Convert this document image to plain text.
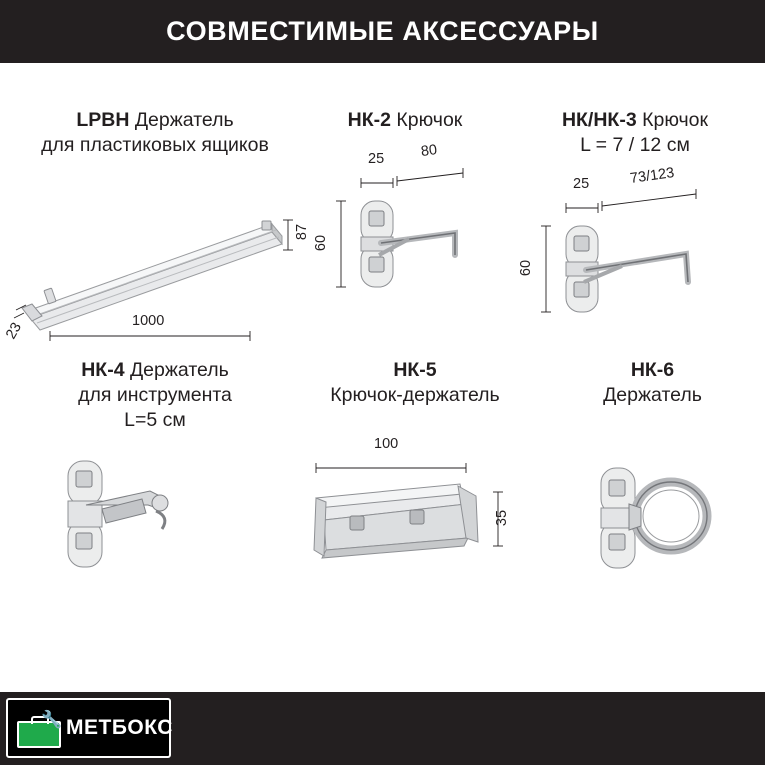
СОВМЕСТИМЫЕ АКСЕССУАРЫ
LPBH Держатель
для пластиковых ящиков
87
1000
23
НК-2 Крючок
25 80
60
НК/НК-3 Крючок
L = 7 / 12 см
25	73/123
60
НК-4 Держатель
для инструмента
L=5 см
НК-5
Крючок-держатель
100
35
НК-6
Держатель
🔧 МЕТБОКС
